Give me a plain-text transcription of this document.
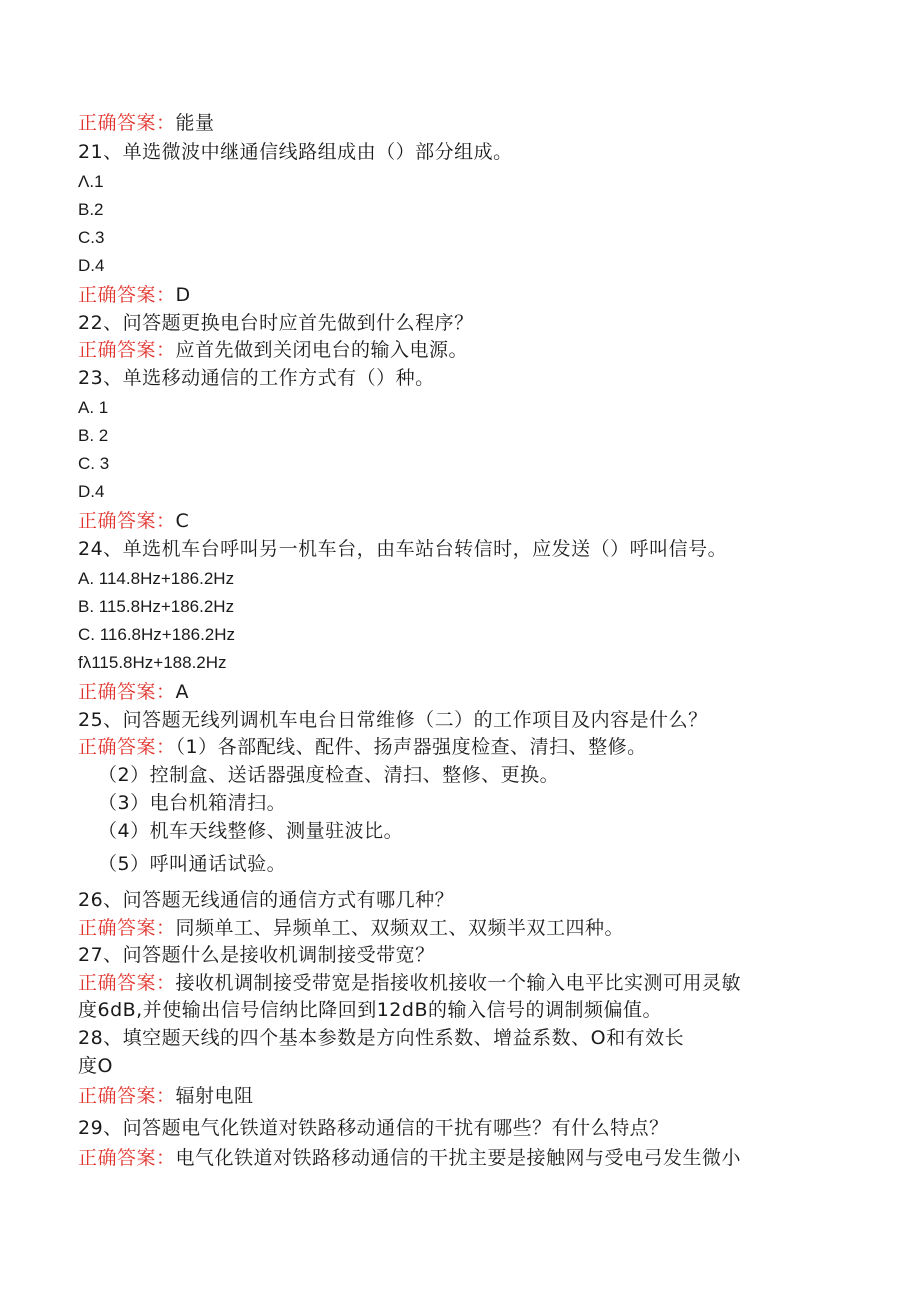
正确答案：能量
21、单选微波中继通信线路组成由（）部分组成。
Λ.1
B.2
C.3
D.4
正确答案：D
22、问答题更换电台时应首先做到什么程序？
正确答案：应首先做到关闭电台的输入电源。
23、单选移动通信的工作方式有（）种。
A. 1
B. 2
C. 3
D.4
正确答案：C
24、单选机车台呼叫另一机车台，由车站台转信时，应发送（）呼叫信号。
A. 114.8Hz+186.2Hz
B. 115.8Hz+186.2Hz
C. 116.8Hz+186.2Hz
fλ115.8Hz+188.2Hz
正确答案：A
25、问答题无线列调机车电台日常维修（二）的工作项目及内容是什么？
正确答案：（1）各部配线、配件、扬声器强度检查、清扫、整修。
（2）控制盒、送话器强度检查、清扫、整修、更换。
（3）电台机箱清扫。
（4）机车天线整修、测量驻波比。
（5）呼叫通话试验。
26、问答题无线通信的通信方式有哪几种？
正确答案：同频单工、异频单工、双频双工、双频半双工四种。
27、问答题什么是接收机调制接受带宽？
正确答案：接收机调制接受带宽是指接收机接收一个输入电平比实测可用灵敏
度6dB,并使输出信号信纳比降回到12dB的输入信号的调制频偏值。
28、填空题天线的四个基本参数是方向性系数、增益系数、O和有效长
度O
正确答案：辐射电阻
29、问答题电气化铁道对铁路移动通信的干扰有哪些？有什么特点？
正确答案：电气化铁道对铁路移动通信的干扰主要是接触网与受电弓发生微小
